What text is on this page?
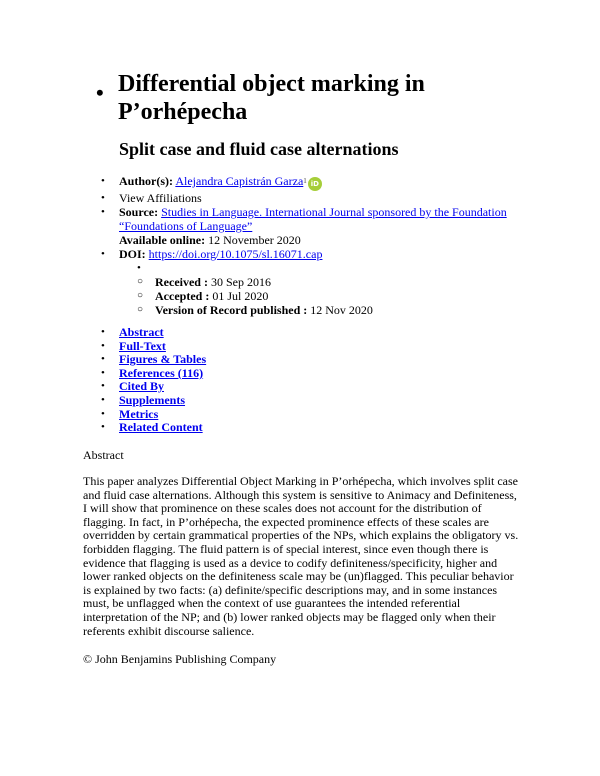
• Differential object marking in P’orhépecha
Split case and fluid case alternations
• Author(s): Alejandra Capistrán Garza$^1$ iD
• View Affiliations
• Source: Studies in Language. International Journal sponsored by the Foundation “Foundations of Language”
Available online: 12 November 2020
• DOI: https://doi.org/10.1075/sl.16071.cap
•

○ Received : 30 Sep 2016
○ Accepted : 01 Jul 2020
○ Version of Record published : 12 Nov 2020
• Abstract
• Full-Text
• Figures & Tables
• References (116)
• Cited By
• Supplements
• Metrics
• Related Content

Abstract

This paper analyzes Differential Object Marking in P’orhépecha, which involves split case and fluid case alternations. Although this system is sensitive to Animacy and Definiteness, I will show that prominence on these scales does not account for the distribution of flagging. In fact, in P’orhépecha, the expected prominence effects of these scales are overridden by certain grammatical properties of the NPs, which explains the obligatory vs. forbidden flagging. The fluid pattern is of special interest, since even though there is evidence that flagging is used as a device to codify definiteness/specificity, higher and lower ranked objects on the definiteness scale may be (un)flagged. This peculiar behavior is explained by two facts: (a) definite/specific descriptions may, and in some instances must, be unflagged when the context of use guarantees the intended referential interpretation of the NP; and (b) lower ranked objects may be flagged only when their referents exhibit discourse salience.

© John Benjamins Publishing Company
